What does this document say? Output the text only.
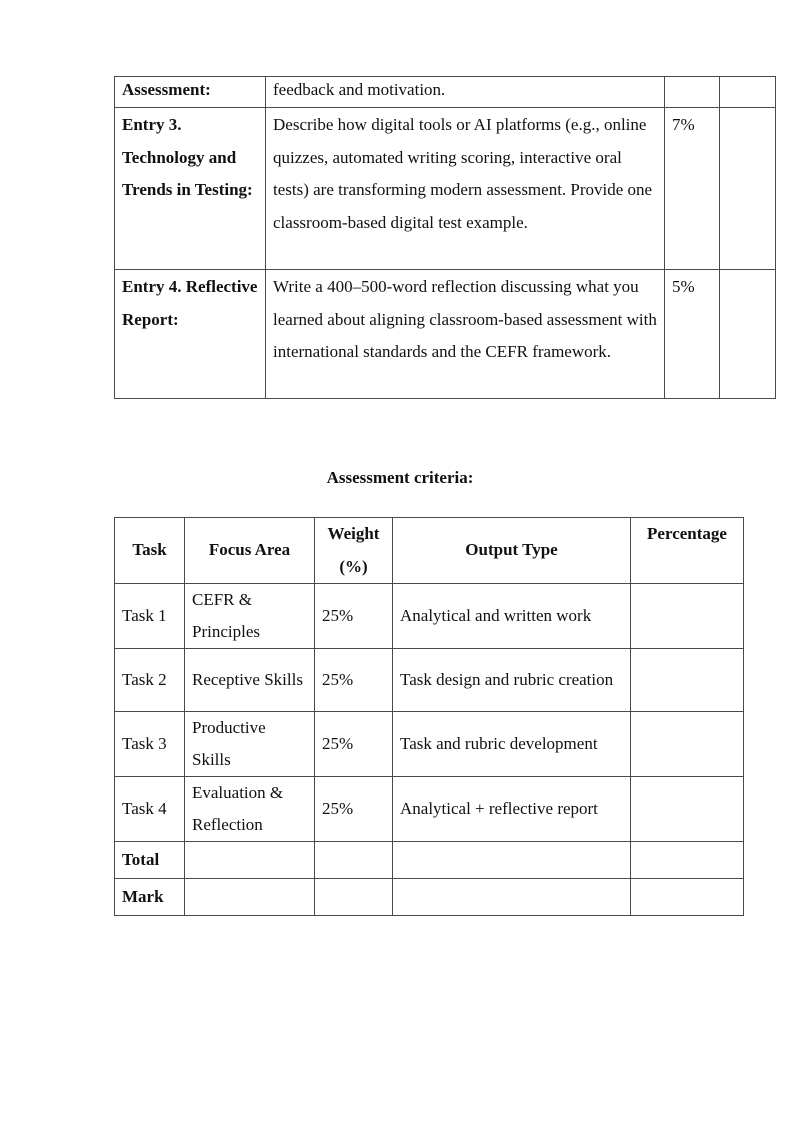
Assessment:	feedback and motivation.		
Entry 3. Technology and Trends in Testing:	Describe how digital tools or AI platforms (e.g., online quizzes, automated writing scoring, interactive oral tests) are transforming modern assessment. Provide one classroom-based digital test example.	7%	
Entry 4. Reflective Report:	Write a 400–500-word reflection discussing what you learned about aligning classroom-based assessment with international standards and the CEFR framework.	5%	

Assessment criteria:

Task	Focus Area	Weight (%)	Output Type	Percentage
Task 1	CEFR & Principles	25%	Analytical and written work	
Task 2	Receptive Skills	25%	Task design and rubric creation	
Task 3	Productive Skills	25%	Task and rubric development	
Task 4	Evaluation & Reflection	25%	Analytical + reflective report	
Total				
Mark				
